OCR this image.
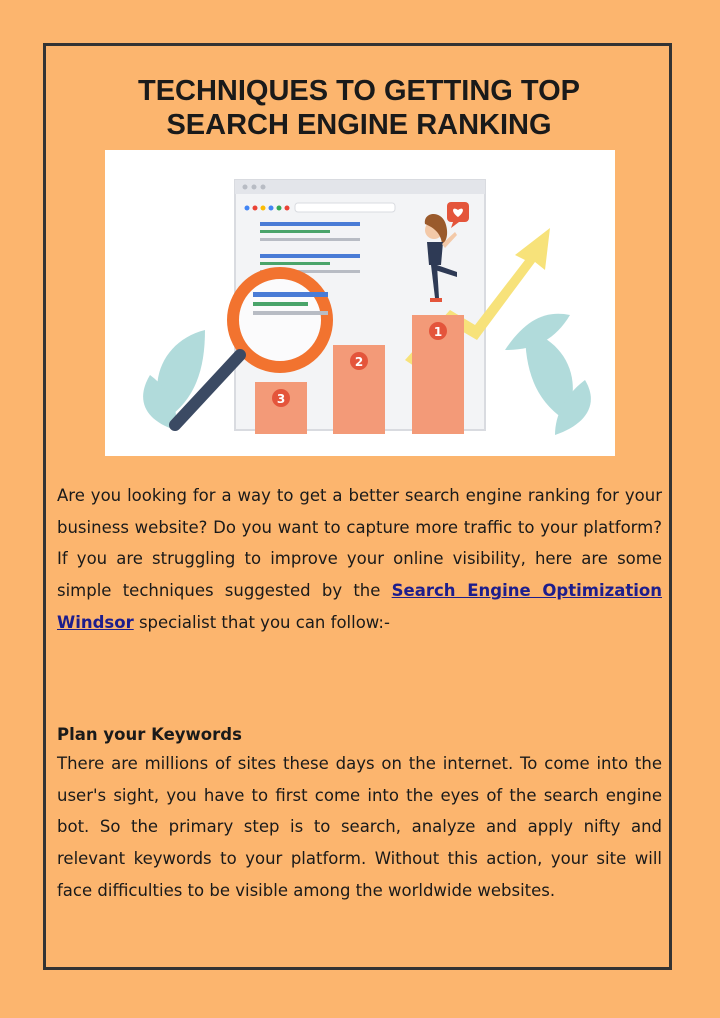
TECHNIQUES TO GETTING TOP
SEARCH ENGINE RANKING
3
2
1

Are you looking for a way to get a better search engine ranking for your business website? Do you want to capture more traffic to your platform? If you are struggling to improve your online visibility, here are some simple techniques suggested by the Search Engine Optimization Windsor specialist that you can follow:-

Plan your Keywords

There are millions of sites these days on the internet. To come into the user's sight, you have to first come into the eyes of the search engine bot. So the primary step is to search, analyze and apply nifty and relevant keywords to your platform. Without this action, your site will face difficulties to be visible among the worldwide websites.
